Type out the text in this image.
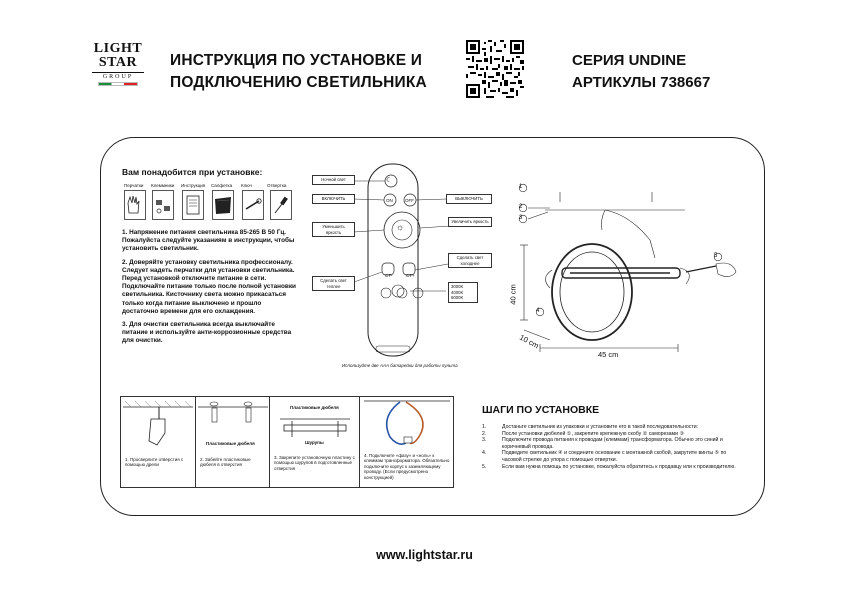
LIGHT
STAR
GROUP
ИНСТРУКЦИЯ ПО УСТАНОВКЕ И
ПОДКЛЮЧЕНИЮ СВЕТИЛЬНИКА
СЕРИЯ UNDINE
АРТИКУЛЫ 738667
Вам понадобится при установке:
Перчатки Клеммники Инструкция Салфетка Ключ	Отвертка

1. Напряжение питания светильника 85-265 В 50 Гц. Пожалуйста следуйте указаниям в инструкции, чтобы установить светильник.

2. Доверяйте установку светильника профессионалу. Следует надеть перчатки для установки светильника. Перед установкой отключите питание в сети. Подключайте питание только после полной установки светильника. Кисточнику света можно прикасаться только когда питание выключено и прошло достаточно времени для его охлаждения.

3. Для очистки светильника всегда выключайте питание и используйте анти-коррозионные средства для очистки.

Ночной свет
ВКЛЮЧИТЬ	ВЫКЛЮЧИТЬ
Уменьшить яркость
Увеличить яркость
Сделать свет теплее
Сделать свет холоднее
3000K
4000K
6000K
ON	OFF
CT-	CT+
☼
☾
Используйте две ААА батарейки для работы пульта
1
2
3
4
5
40 cm
10 cm
45 cm
1. Просверлите отверстия с помощью дрели
Пластиковые дюбеля
2. Забейте пластиковые дюбеля в отверстия
Пластиковые дюбеля
Шурупы
3. Закрепите установочную пластину с помощью шурупов в подготовленные отверстия
4. Подключите «фазу» и «ноль» к клеммам трансформатора. Обязательно подключите корпус к заземляющему проводу. (Если предусмотрено конструкцией)
ШАГИ ПО УСТАНОВКЕ
1.	Достаньте светильник из упаковки и установите его в такой последовательности:
2.	После установки дюбелей ①, закрепите крепежную скобу ② саморезами ③
3.	Подключите провода питания к проводам (клеммам) трансформатора. Обычно это синий и коричневый провода.
4.	Подведите светильник ④ и соедините основание с монтажной скобой, закрутите винты ⑤ по часовой стрелке до упора с помощью отвертки.
5.	Если вам нужна помощь по установке, пожалуйста обратитесь к продавцу или к производителю.
www.lightstar.ru
